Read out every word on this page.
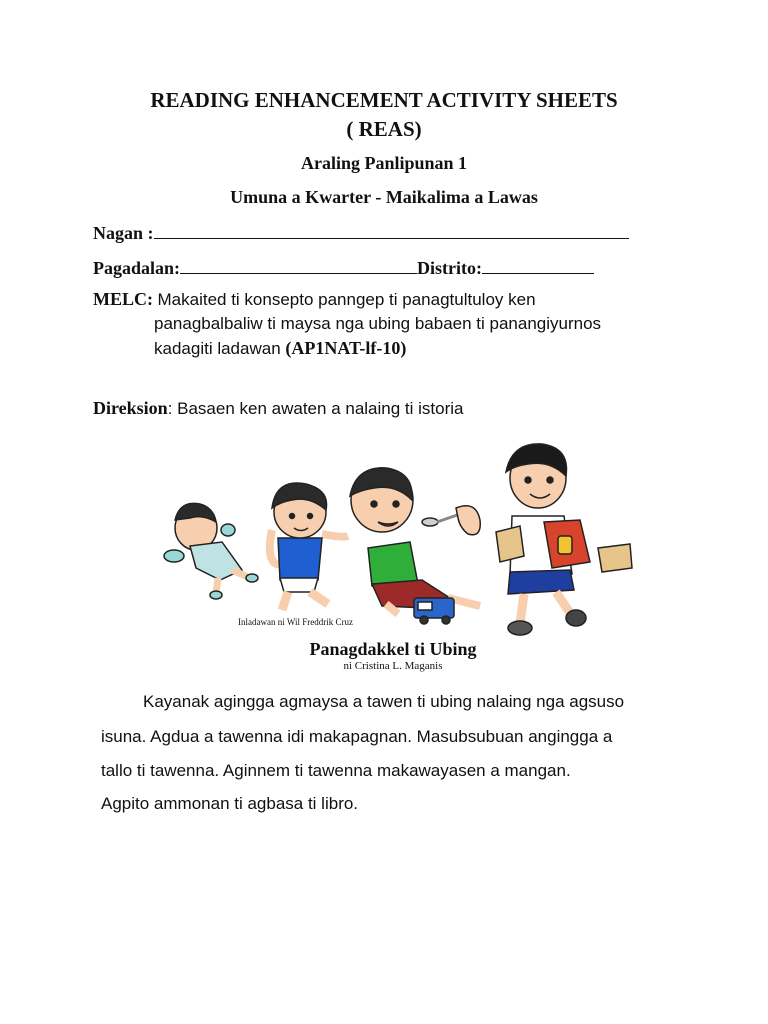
READING ENHANCEMENT ACTIVITY SHEETS
( REAS)
Araling Panlipunan 1
Umuna a Kwarter - Maikalima a Lawas
Nagan :
Pagadalan:	Distrito:
MELC: Makaited ti konsepto panngep ti panagtultuloy ken
panagbalbaliw ti maysa nga ubing babaen ti panangiyurnos
kadagiti ladawan (AP1NAT-lf-10)
Direksion: Basaen ken awaten a nalaing ti istoria
Inladawan ni Wil Freddrik Cruz
Panagdakkel ti Ubing
ni Cristina L. Maganis
Kayanak agingga agmaysa a tawen ti ubing nalaing nga agsuso
isuna. Agdua a tawenna idi makapagnan. Masubsubuan angingga a
tallo ti tawenna. Aginnem ti tawenna makawayasen a mangan.
Agpito ammonan ti agbasa ti libro.
